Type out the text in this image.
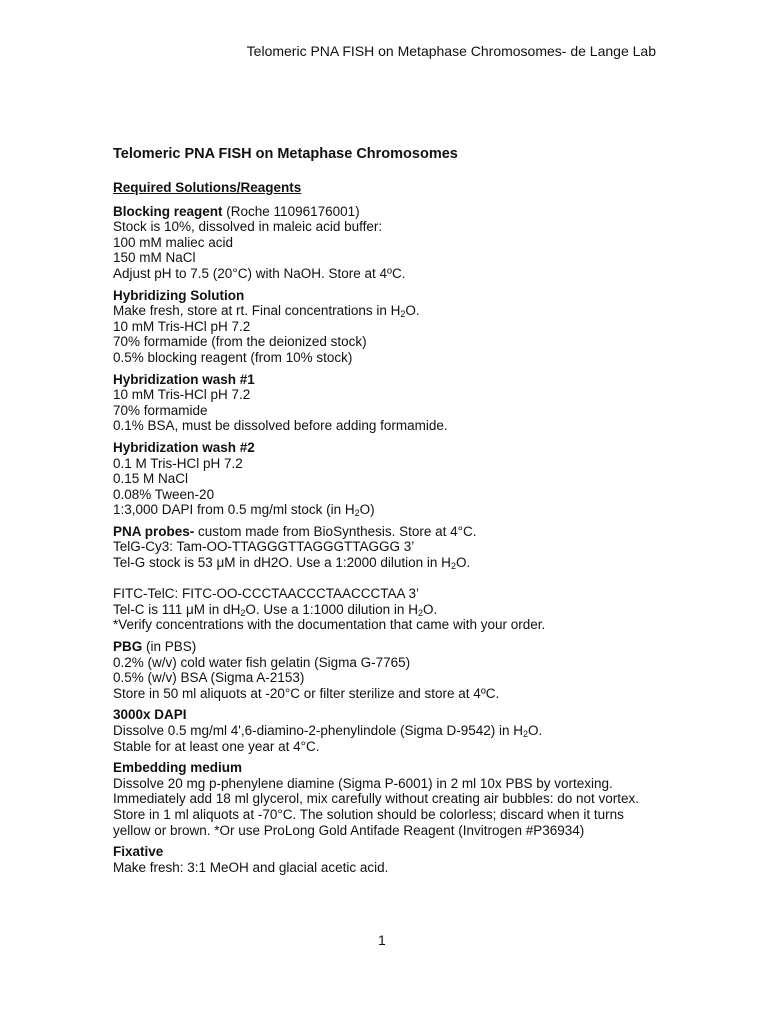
Telomeric PNA FISH on Metaphase Chromosomes- de Lange Lab
Telomeric PNA FISH on Metaphase Chromosomes
Required Solutions/Reagents
Blocking reagent (Roche 11096176001)
Stock is 10%, dissolved in maleic acid buffer:
100 mM maliec acid
150 mM NaCl
Adjust pH to 7.5 (20°C) with NaOH. Store at 4ºC.
Hybridizing Solution
Make fresh, store at rt. Final concentrations in $H_2O$.
10 mM Tris-HCl pH 7.2
70% formamide (from the deionized stock)
0.5% blocking reagent (from 10% stock)
Hybridization wash #1
10 mM Tris-HCl pH 7.2
70% formamide
0.1% BSA, must be dissolved before adding formamide.
Hybridization wash #2
0.1 M Tris-HCl pH 7.2
0.15 M NaCl
0.08% Tween-20
1:3,000 DAPI from 0.5 mg/ml stock (in $H_2O$)
PNA probes- custom made from BioSynthesis. Store at 4°C.
TelG-Cy3: Tam-OO-TTAGGGTTAGGGTTAGGG 3’
Tel-G stock is 53 μM in dH2O. Use a 1:2000 dilution in $H_2O$.
FITC-TelC: FITC-OO-CCCTAACCCTAACCCTAA 3’
Tel-C is 111 μM in $dH_2O$. Use a 1:1000 dilution in $H_2O$.
*Verify concentrations with the documentation that came with your order.
PBG (in PBS)
0.2% (w/v) cold water fish gelatin (Sigma G-7765)
0.5% (w/v) BSA (Sigma A-2153)
Store in 50 ml aliquots at -20°C or filter sterilize and store at 4ºC.
3000x DAPI
Dissolve 0.5 mg/ml 4',6-diamino-2-phenylindole (Sigma D-9542) in $H_2O$.
Stable for at least one year at 4°C.
Embedding medium
Dissolve 20 mg p-phenylene diamine (Sigma P-6001) in 2 ml 10x PBS by vortexing.
Immediately add 18 ml glycerol, mix carefully without creating air bubbles: do not vortex.
Store in 1 ml aliquots at -70°C. The solution should be colorless; discard when it turns
yellow or brown. *Or use ProLong Gold Antifade Reagent (Invitrogen #P36934)
Fixative
Make fresh: 3:1 MeOH and glacial acetic acid.
1
